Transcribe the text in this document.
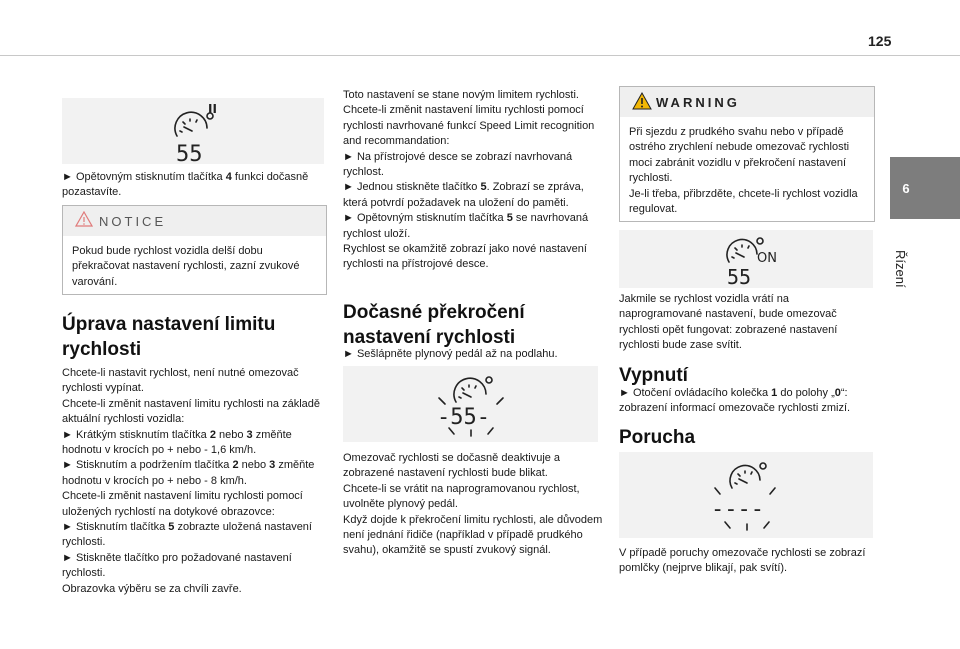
125
6
Řízení
II
55
► Opětovným stisknutím tlačítka 4 funkci dočasně pozastavíte.
NOTICE
Pokud bude rychlost vozidla delší dobu překračovat nastavení rychlosti, zazní zvukové varování.
Úprava nastavení limitu rychlosti
Chcete-li nastavit rychlost, není nutné omezovač rychlosti vypínat.
Chcete-li změnit nastavení limitu rychlosti na základě aktuální rychlosti vozidla:
► Krátkým stisknutím tlačítka 2 nebo 3 změňte hodnotu v krocích po + nebo - 1,6 km/h.
► Stisknutím a podržením tlačítka 2 nebo 3 změňte hodnotu v krocích po + nebo - 8 km/h.
Chcete-li změnit nastavení limitu rychlosti pomocí uložených rychlostí na dotykové obrazovce:
► Stisknutím tlačítka 5 zobrazte uložená nastavení rychlosti.
► Stiskněte tlačítko pro požadované nastavení rychlosti.
Obrazovka výběru se za chvíli zavře.
Toto nastavení se stane novým limitem rychlosti.
Chcete-li změnit nastavení limitu rychlosti pomocí rychlosti navrhované funkcí Speed Limit recognition and recommandation:
► Na přístrojové desce se zobrazí navrhovaná rychlost.
► Jednou stiskněte tlačítko 5. Zobrazí se zpráva, která potvrdí požadavek na uložení do paměti.
► Opětovným stisknutím tlačítka 5 se navrhovaná rychlost uloží.
Rychlost se okamžitě zobrazí jako nové nastavení rychlosti na přístrojové desce.
Dočasné překročení nastavení rychlosti
► Sešlápněte plynový pedál až na podlahu.
-55-
Omezovač rychlosti se dočasně deaktivuje a zobrazené nastavení rychlosti bude blikat.
Chcete-li se vrátit na naprogramovanou rychlost, uvolněte plynový pedál.
Když dojde k překročení limitu rychlosti, ale důvodem není jednání řidiče (například v případě prudkého svahu), okamžitě se spustí zvukový signál.
WARNING
Při sjezdu z prudkého svahu nebo v případě ostrého zrychlení nebude omezovač rychlosti moci zabránit vozidlu v překročení nastavení rychlosti.
Je-li třeba, přibrzděte, chcete-li rychlost vozidla regulovat.
ON
55
Jakmile se rychlost vozidla vrátí na naprogramované nastavení, bude omezovač rychlosti opět fungovat: zobrazené nastavení rychlosti bude zase svítit.
Vypnutí
► Otočení ovládacího kolečka 1 do polohy „0“: zobrazení informací omezovače rychlosti zmizí.
Porucha
----
V případě poruchy omezovače rychlosti se zobrazí pomlčky (nejprve blikají, pak svítí).
